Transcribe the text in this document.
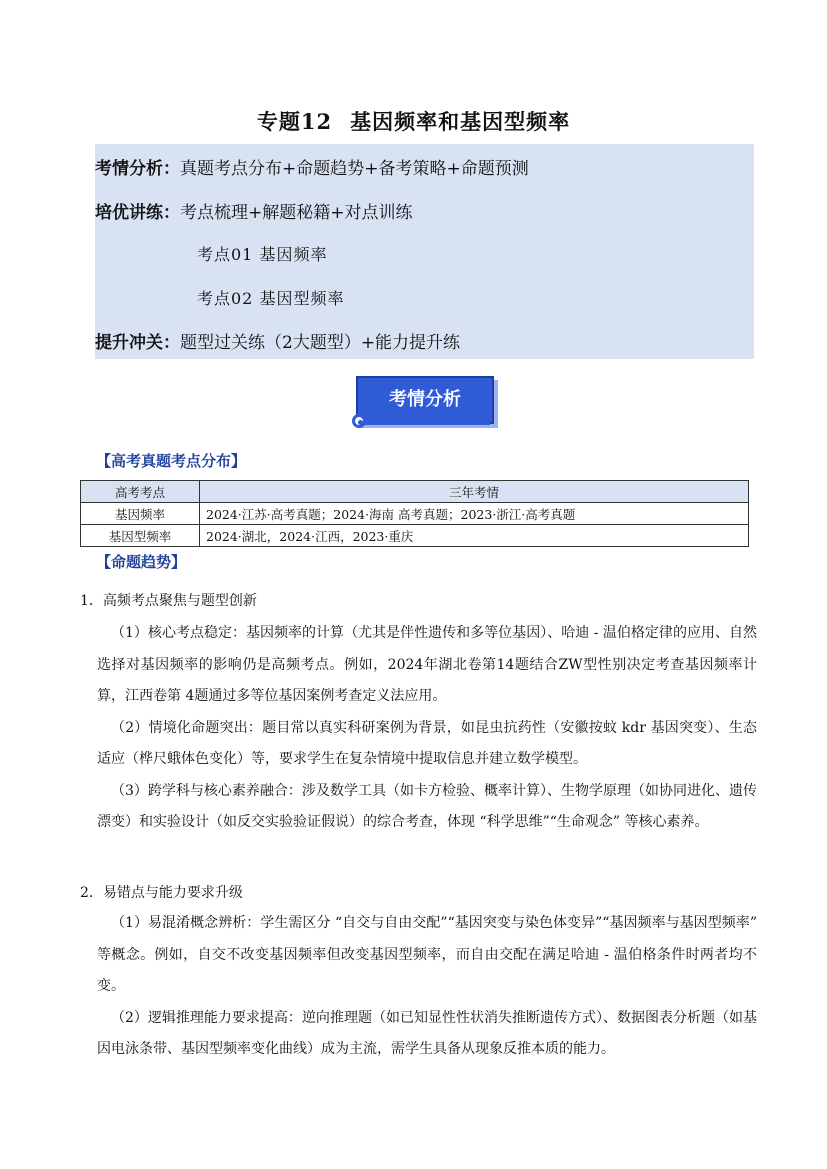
专题12 基因频率和基因型频率
考情分析：真题考点分布+命题趋势+备考策略+命题预测
培优讲练：考点梳理+解题秘籍+对点训练
考点01 基因频率
考点02 基因型频率
提升冲关：题型过关练（2大题型）+能力提升练
考情分析
【高考真题考点分布】
高考考点	三年考情
基因频率	2024·江苏·高考真题；2024·海南 高考真题；2023·浙江·高考真题
基因型频率	2024·湖北，2024·江西，2023·重庆
【命题趋势】
1．高频考点聚焦与题型创新

（1）核心考点稳定：基因频率的计算（尤其是伴性遗传和多等位基因）、哈迪 - 温伯格定律的应用、自然选择对基因频率的影响仍是高频考点。例如，2024年湖北卷第14题结合ZW型性别决定考查基因频率计算，江西卷第 4题通过多等位基因案例考查定义法应用。

（2）情境化命题突出：题目常以真实科研案例为背景，如昆虫抗药性（安徽按蚊 kdr 基因突变）、生态适应（桦尺蛾体色变化）等，要求学生在复杂情境中提取信息并建立数学模型。

（3）跨学科与核心素养融合：涉及数学工具（如卡方检验、概率计算）、生物学原理（如协同进化、遗传漂变）和实验设计（如反交实验验证假说）的综合考查，体现 “科学思维”“生命观念” 等核心素养。

2．易错点与能力要求升级

（1）易混淆概念辨析：学生需区分 “自交与自由交配”“基因突变与染色体变异”“基因频率与基因型频率” 等概念。例如，自交不改变基因频率但改变基因型频率，而自由交配在满足哈迪 - 温伯格条件时两者均不变。

（2）逻辑推理能力要求提高：逆向推理题（如已知显性性状消失推断遗传方式）、数据图表分析题（如基因电泳条带、基因型频率变化曲线）成为主流，需学生具备从现象反推本质的能力。
